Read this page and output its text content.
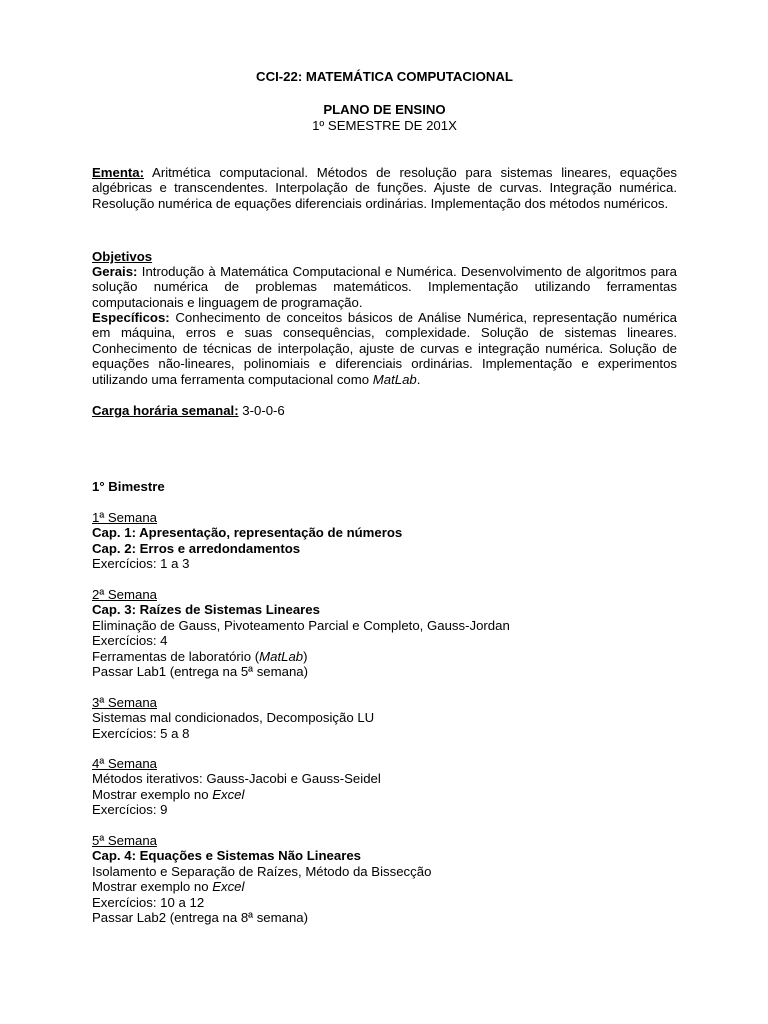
CCI-22: MATEMÁTICA COMPUTACIONAL
PLANO DE ENSINO
1º SEMESTRE DE 201X
Ementa: Aritmética computacional. Métodos de resolução para sistemas lineares, equações algébricas e transcendentes. Interpolação de funções. Ajuste de curvas. Integração numérica. Resolução numérica de equações diferenciais ordinárias. Implementação dos métodos numéricos.
Objetivos
Gerais: Introdução à Matemática Computacional e Numérica. Desenvolvimento de algoritmos para solução numérica de problemas matemáticos. Implementação utilizando ferramentas computacionais e linguagem de programação.
Específicos: Conhecimento de conceitos básicos de Análise Numérica, representação numérica em máquina, erros e suas consequências, complexidade. Solução de sistemas lineares. Conhecimento de técnicas de interpolação, ajuste de curvas e integração numérica. Solução de equações não-lineares, polinomiais e diferenciais ordinárias. Implementação e experimentos utilizando uma ferramenta computacional como MatLab.
Carga horária semanal: 3-0-0-6
1° Bimestre

1ª Semana

Cap. 1: Apresentação, representação de números

Cap. 2: Erros e arredondamentos

Exercícios: 1 a 3

2ª Semana

Cap. 3: Raízes de Sistemas Lineares

Eliminação de Gauss, Pivoteamento Parcial e Completo, Gauss-Jordan

Exercícios: 4

Ferramentas de laboratório (MatLab)

Passar Lab1 (entrega na 5ª semana)

3ª Semana

Sistemas mal condicionados, Decomposição LU

Exercícios: 5 a 8

4ª Semana

Métodos iterativos: Gauss-Jacobi e Gauss-Seidel

Mostrar exemplo no Excel

Exercícios: 9

5ª Semana

Cap. 4: Equações e Sistemas Não Lineares

Isolamento e Separação de Raízes, Método da Bissecção

Mostrar exemplo no Excel

Exercícios: 10 a 12

Passar Lab2 (entrega na 8ª semana)
